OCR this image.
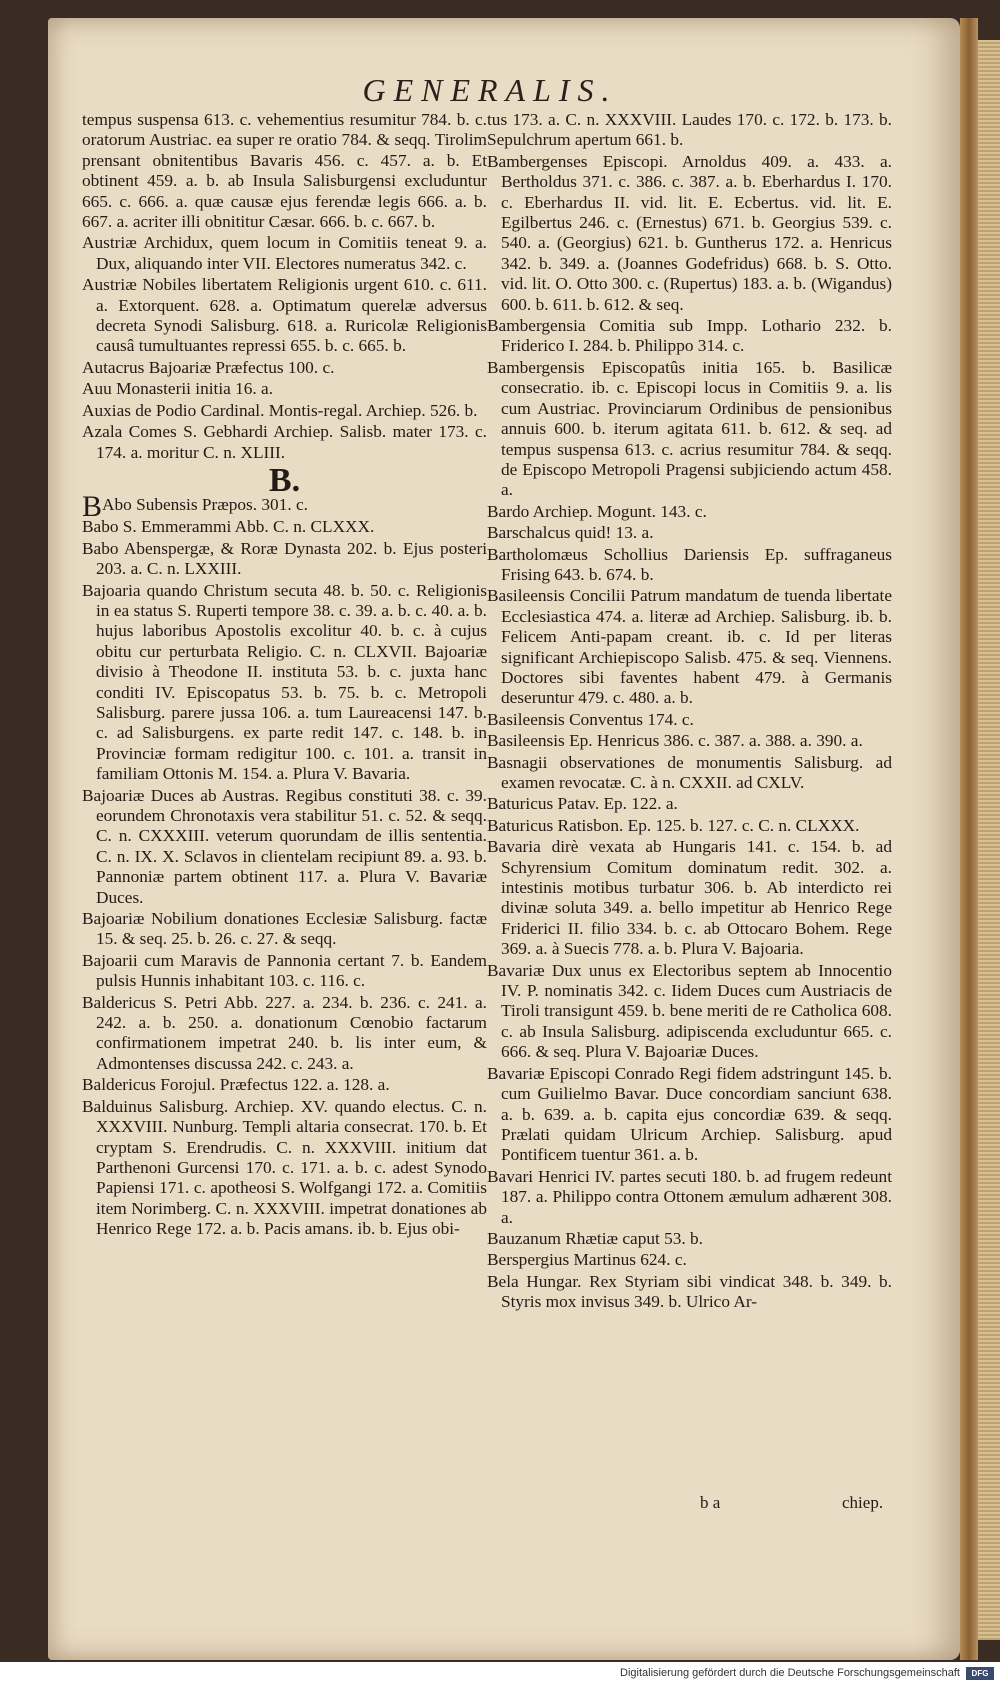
GENERALIS.

tempus suspensa 613. c. vehementius resumitur 784. b. c. oratorum Austriac. ea super re oratio 784. & seqq. Tirolim prensant obnitentibus Bavaris 456. c. 457. a. b. Et obtinent 459. a. b. ab Insula Salisburgensi excluduntur 665. c. 666. a. quæ causæ ejus ferendæ legis 666. a. b. 667. a. acriter illi obnititur Cæsar. 666. b. c. 667. b.

Austriæ Archidux, quem locum in Comitiis teneat 9. a. Dux, aliquando inter VII. Electores numeratus 342. c.

Austriæ Nobiles libertatem Religionis urgent 610. c. 611. a. Extorquent. 628. a. Optimatum querelæ adversus decreta Synodi Salisburg. 618. a. Ruricolæ Religionis causâ tumultuantes repressi 655. b. c. 665. b.

Autacrus Bajoariæ Præfectus 100. c.

Auu Monasterii initia 16. a.

Auxias de Podio Cardinal. Montis-regal. Archiep. 526. b.

Azala Comes S. Gebhardi Archiep. Salisb. mater 173. c. 174. a. moritur C. n. XLIII.

B.

BAbo Subensis Præpos. 301. c.

Babo S. Emmerammi Abb. C. n. CLXXX.

Babo Abenspergæ, & Roræ Dynasta 202. b. Ejus posteri 203. a. C. n. LXXIII.

Bajoaria quando Christum secuta 48. b. 50. c. Religionis in ea status S. Ruperti tempore 38. c. 39. a. b. c. 40. a. b. hujus laboribus Apostolis excolitur 40. b. c. à cujus obitu cur perturbata Religio. C. n. CLXVII. Bajoariæ divisio à Theodone II. instituta 53. b. c. juxta hanc conditi IV. Episcopatus 53. b. 75. b. c. Metropoli Salisburg. parere jussa 106. a. tum Laureacensi 147. b. c. ad Salisburgens. ex parte redit 147. c. 148. b. in Provinciæ formam redigitur 100. c. 101. a. transit in familiam Ottonis M. 154. a. Plura V. Bavaria.

Bajoariæ Duces ab Austras. Regibus constituti 38. c. 39. eorundem Chronotaxis vera stabilitur 51. c. 52. & seqq. C. n. CXXXIII. veterum quorundam de illis sententia. C. n. IX. X. Sclavos in clientelam recipiunt 89. a. 93. b. Pannoniæ partem obtinent 117. a. Plura V. Bavariæ Duces.

Bajoariæ Nobilium donationes Ecclesiæ Salisburg. factæ 15. & seq. 25. b. 26. c. 27. & seqq.

Bajoarii cum Maravis de Pannonia certant 7. b. Eandem pulsis Hunnis inhabitant 103. c. 116. c.

Baldericus S. Petri Abb. 227. a. 234. b. 236. c. 241. a. 242. a. b. 250. a. donationum Cœnobio factarum confirmationem impetrat 240. b. lis inter eum, & Admontenses discussa 242. c. 243. a.

Baldericus Forojul. Præfectus 122. a. 128. a.

Balduinus Salisburg. Archiep. XV. quando electus. C. n. XXXVIII. Nunburg. Templi altaria consecrat. 170. b. Et cryptam S. Erendrudis. C. n. XXXVIII. initium dat Parthenoni Gurcensi 170. c. 171. a. b. c. adest Synodo Papiensi 171. c. apotheosi S. Wolfgangi 172. a. Comitiis item Norimberg. C. n. XXXVIII. impetrat donationes ab Henrico Rege 172. a. b. Pacis amans. ib. b. Ejus obi-

tus 173. a. C. n. XXXVIII. Laudes 170. c. 172. b. 173. b. Sepulchrum apertum 661. b.

Bambergenses Episcopi. Arnoldus 409. a. 433. a. Bertholdus 371. c. 386. c. 387. a. b. Eberhardus I. 170. c. Eberhardus II. vid. lit. E. Ecbertus. vid. lit. E. Egilbertus 246. c. (Ernestus) 671. b. Georgius 539. c. 540. a. (Georgius) 621. b. Guntherus 172. a. Henricus 342. b. 349. a. (Joannes Godefridus) 668. b. S. Otto. vid. lit. O. Otto 300. c. (Rupertus) 183. a. b. (Wigandus) 600. b. 611. b. 612. & seq.

Bambergensia Comitia sub Impp. Lothario 232. b. Friderico I. 284. b. Philippo 314. c.

Bambergensis Episcopatûs initia 165. b. Basilicæ consecratio. ib. c. Episcopi locus in Comitiis 9. a. lis cum Austriac. Provinciarum Ordinibus de pensionibus annuis 600. b. iterum agitata 611. b. 612. & seq. ad tempus suspensa 613. c. acrius resumitur 784. & seqq. de Episcopo Metropoli Pragensi subjiciendo actum 458. a.

Bardo Archiep. Mogunt. 143. c.

Barschalcus quid! 13. a.

Bartholomæus Schollius Dariensis Ep. suffraganeus Frising 643. b. 674. b.

Basileensis Concilii Patrum mandatum de tuenda libertate Ecclesiastica 474. a. literæ ad Archiep. Salisburg. ib. b. Felicem Anti-papam creant. ib. c. Id per literas significant Archiepiscopo Salisb. 475. & seq. Viennens. Doctores sibi faventes habent 479. à Germanis deseruntur 479. c. 480. a. b.

Basileensis Conventus 174. c.

Basileensis Ep. Henricus 386. c. 387. a. 388. a. 390. a.

Basnagii observationes de monumentis Salisburg. ad examen revocatæ. C. à n. CXXII. ad CXLV.

Baturicus Patav. Ep. 122. a.

Baturicus Ratisbon. Ep. 125. b. 127. c. C. n. CLXXX.

Bavaria dirè vexata ab Hungaris 141. c. 154. b. ad Schyrensium Comitum dominatum redit. 302. a. intestinis motibus turbatur 306. b. Ab interdicto rei divinæ soluta 349. a. bello impetitur ab Henrico Rege Friderici II. filio 334. b. c. ab Ottocaro Bohem. Rege 369. a. à Suecis 778. a. b. Plura V. Bajoaria.

Bavariæ Dux unus ex Electoribus septem ab Innocentio IV. P. nominatis 342. c. Iidem Duces cum Austriacis de Tiroli transigunt 459. b. bene meriti de re Catholica 608. c. ab Insula Salisburg. adipiscenda excluduntur 665. c. 666. & seq. Plura V. Bajoariæ Duces.

Bavariæ Episcopi Conrado Regi fidem adstringunt 145. b. cum Guilielmo Bavar. Duce concordiam sanciunt 638. a. b. 639. a. b. capita ejus concordiæ 639. & seqq. Prælati quidam Ulricum Archiep. Salisburg. apud Pontificem tuentur 361. a. b.

Bavari Henrici IV. partes secuti 180. b. ad frugem redeunt 187. a. Philippo contra Ottonem æmulum adhærent 308. a.

Bauzanum Rhætiæ caput 53. b.

Berspergius Martinus 624. c.

Bela Hungar. Rex Styriam sibi vindicat 348. b. 349. b. Styris mox invisus 349. b. Ulrico Ar-

b a	chiep.
Digitalisierung gefördert durch die Deutsche Forschungsgemeinschaft	DFG
